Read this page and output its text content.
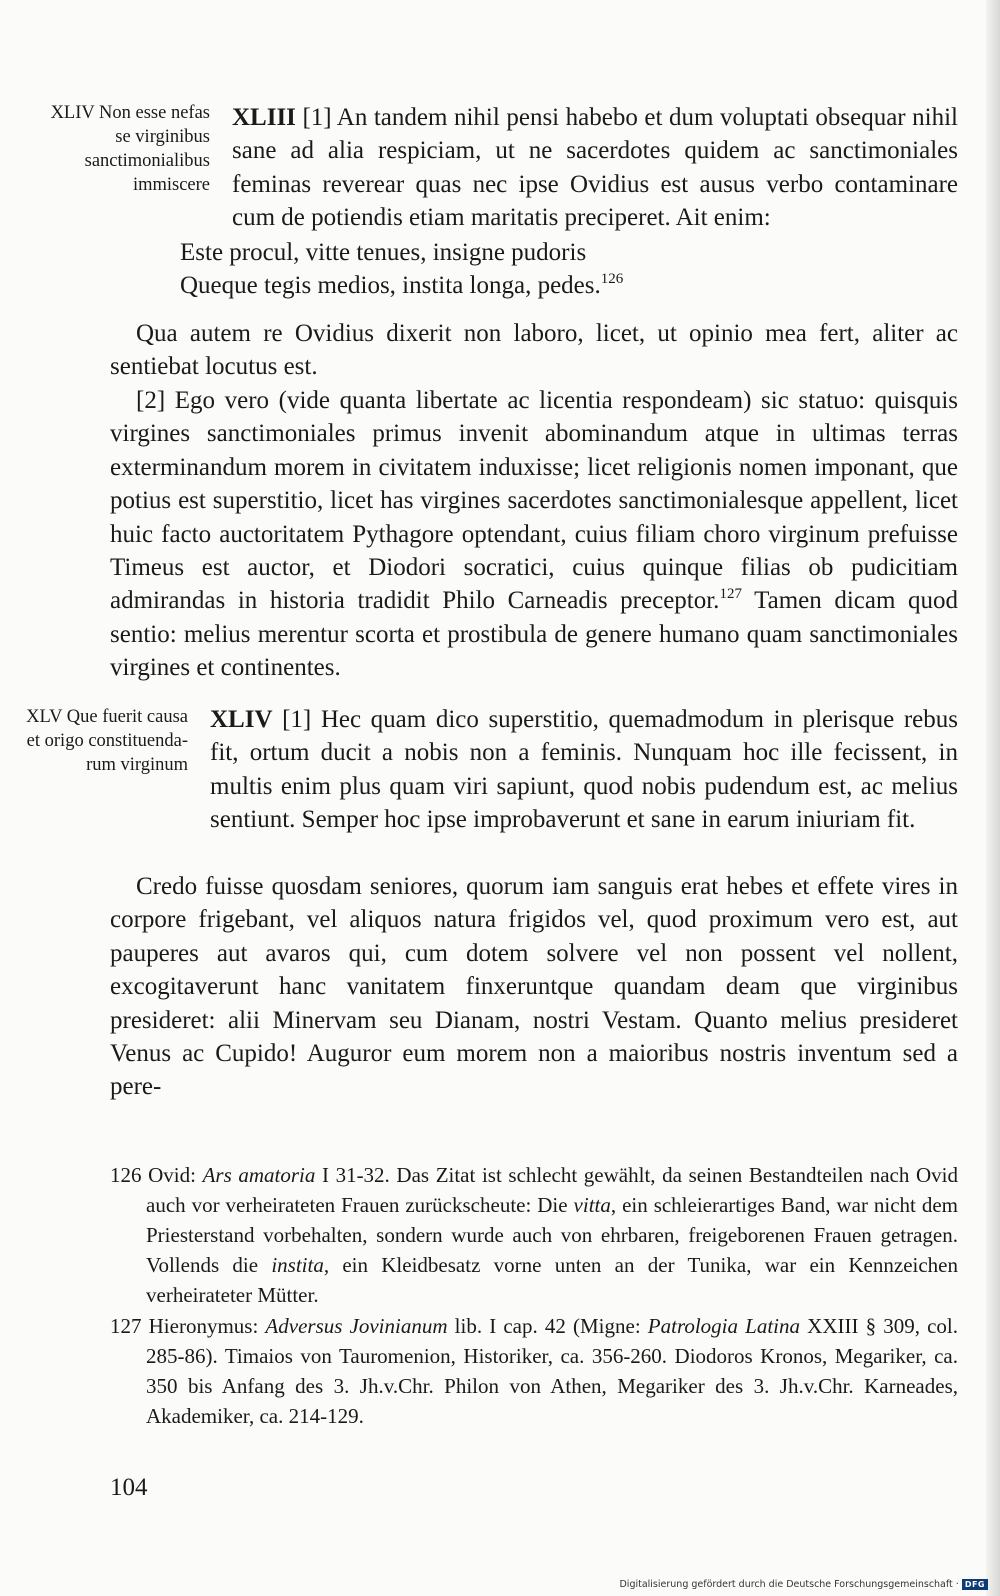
XLIV Non esse nefas se virginibus sanctimonialibus immiscere

XLIII [1] An tandem nihil pensi habebo et dum voluptati obsequar nihil sane ad alia respiciam, ut ne sacerdotes quidem ac sanctimoniales feminas reverear quas nec ipse Ovidius est ausus verbo contaminare cum de potiendis etiam maritatis preciperet. Ait enim:

Este procul, vitte tenues, insigne pudoris

Queque tegis medios, instita longa, pedes.$^{126}$

Qua autem re Ovidius dixerit non laboro, licet, ut opinio mea fert, aliter ac sentiebat locutus est.

[2] Ego vero (vide quanta libertate ac licentia respondeam) sic statuo: quisquis virgines sanctimoniales primus invenit abominandum atque in ultimas terras exterminandum morem in civitatem induxisse; licet religionis nomen imponant, que potius est superstitio, licet has virgines sacerdotes sanctimonialesque appellent, licet huic facto auctoritatem Pythagore optendant, cuius filiam choro virginum prefuisse Timeus est auctor, et Diodori socratici, cuius quinque filias ob pudicitiam admirandas in historia tradidit Philo Carneadis preceptor.$^{127}$ Tamen dicam quod sentio: melius merentur scorta et prostibula de genere humano quam sanctimoniales virgines et continentes.

XLV Que fuerit causa et origo constituenda-rum virginum

XLIV [1] Hec quam dico superstitio, quemadmodum in plerisque rebus fit, ortum ducit a nobis non a feminis. Nunquam hoc ille fecissent, in multis enim plus quam viri sapiunt, quod nobis pudendum est, ac melius sentiunt. Semper hoc ipse improbaverunt et sane in earum iniuriam fit.

Credo fuisse quosdam seniores, quorum iam sanguis erat hebes et effete vires in corpore frigebant, vel aliquos natura frigidos vel, quod proximum vero est, aut pauperes aut avaros qui, cum dotem solvere vel non possent vel nollent, excogitaverunt hanc vanitatem finxeruntque quandam deam que virginibus presideret: alii Minervam seu Dianam, nostri Vestam. Quanto melius presideret Venus ac Cupido! Auguror eum morem non a maioribus nostris inventum sed a pere-

126 Ovid: Ars amatoria I 31-32. Das Zitat ist schlecht gewählt, da seinen Bestandteilen nach Ovid auch vor verheirateten Frauen zurückscheute: Die vitta, ein schleierartiges Band, war nicht dem Priesterstand vorbehalten, sondern wurde auch von ehrbaren, freigeborenen Frauen getragen. Vollends die instita, ein Kleidbesatz vorne unten an der Tunika, war ein Kennzeichen verheirateter Mütter.

127 Hieronymus: Adversus Jovinianum lib. I cap. 42 (Migne: Patrologia Latina XXIII § 309, col. 285-86). Timaios von Tauromenion, Historiker, ca. 356-260. Diodoros Kronos, Megariker, ca. 350 bis Anfang des 3. Jh.v.Chr. Philon von Athen, Megariker des 3. Jh.v.Chr. Karneades, Akademiker, ca. 214-129.

104
Digitalisierung gefördert durch die Deutsche Forschungsgemeinschaft · DFG
